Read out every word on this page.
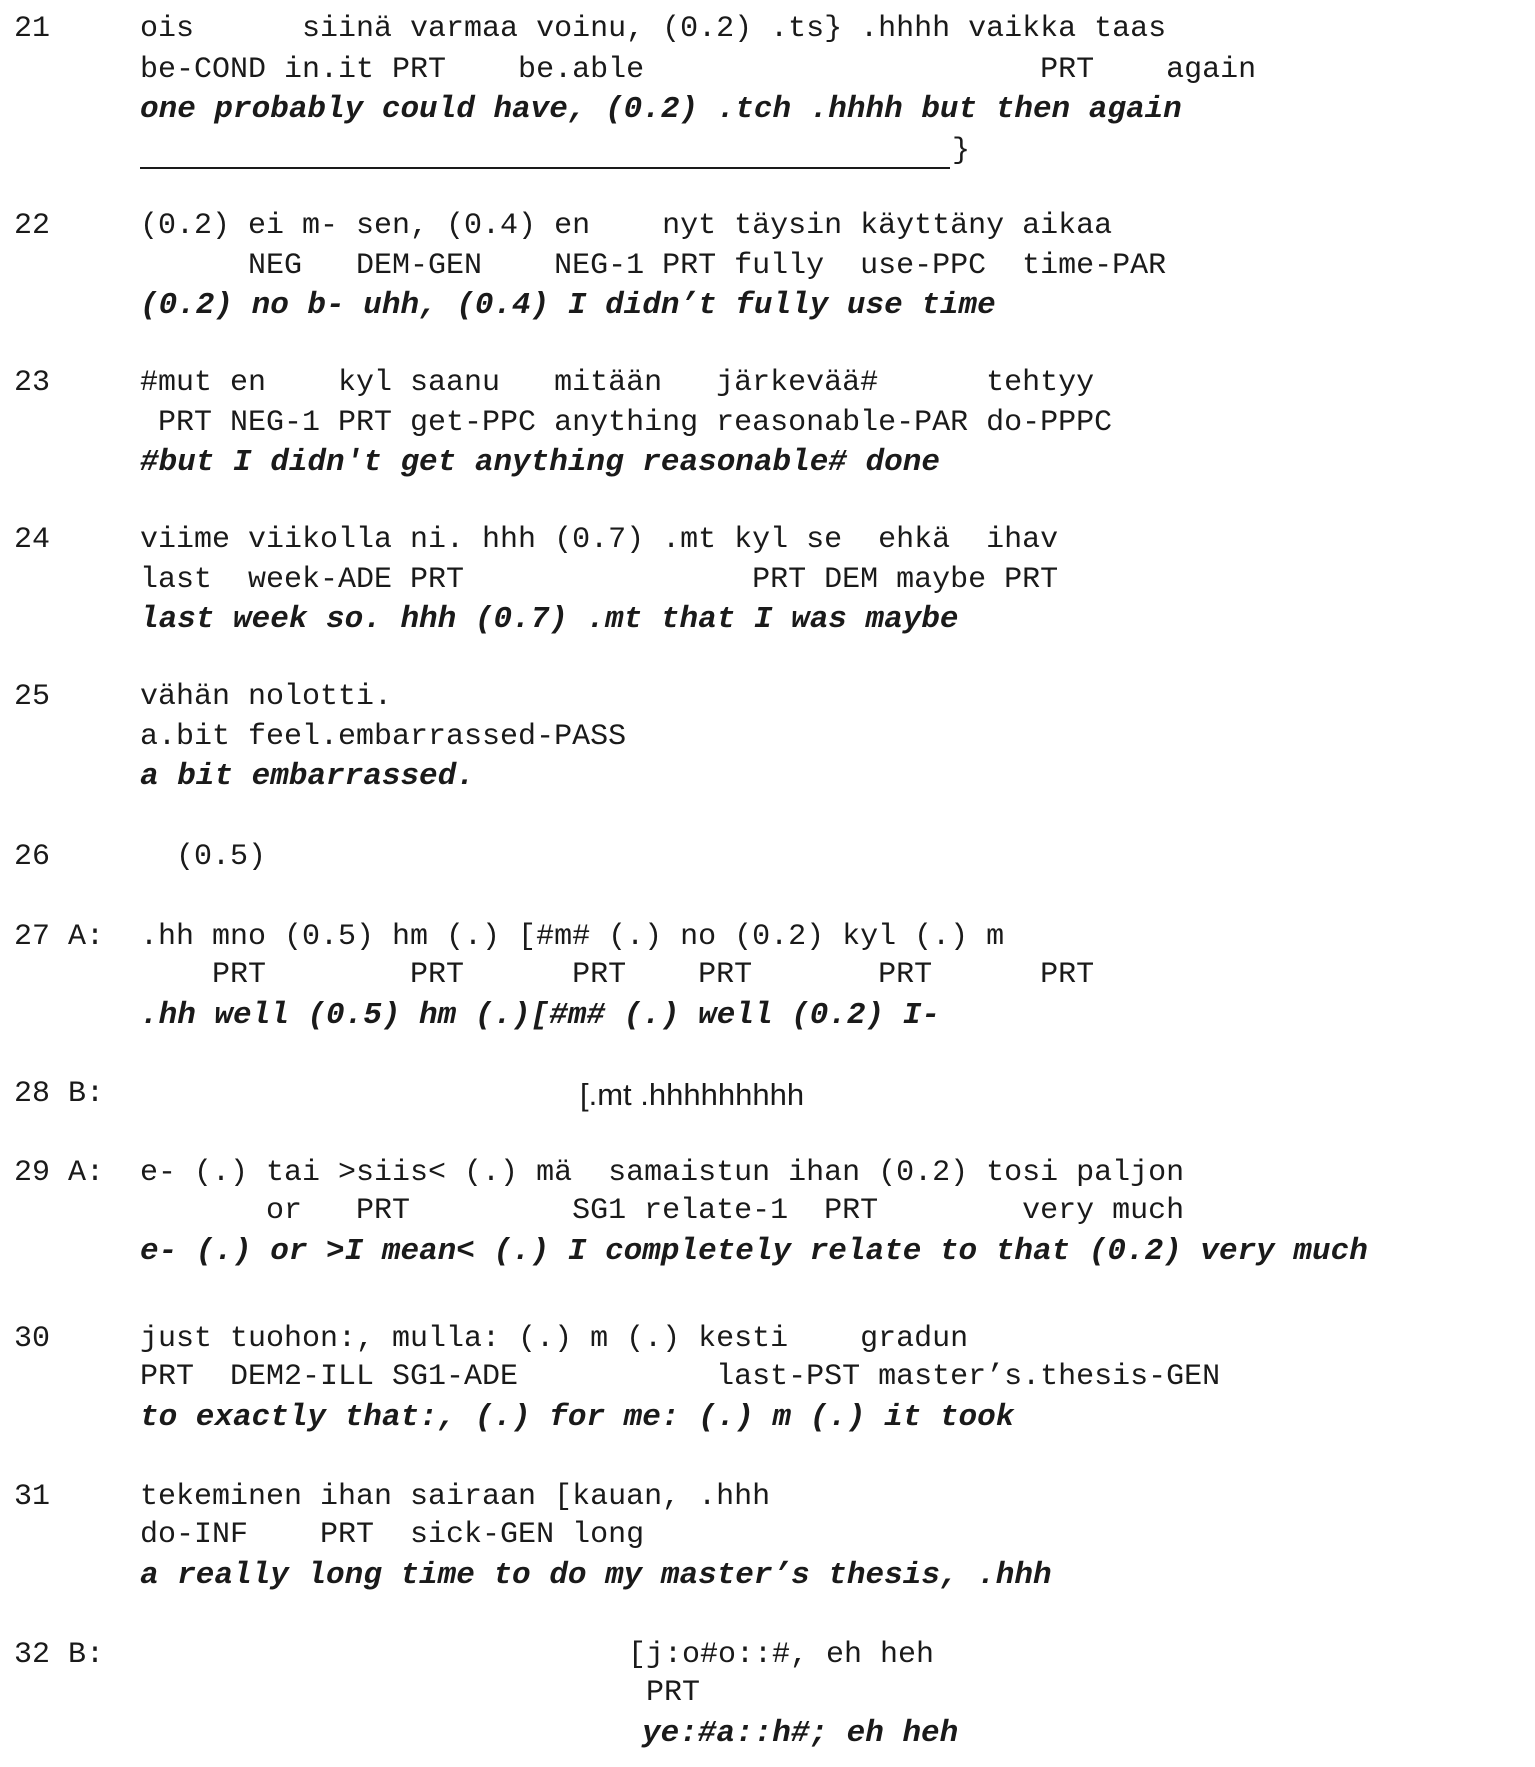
21	ois      siinä varmaa voinu, (0.2) .ts} .hhhh vaikka taas
be-COND in.it PRT    be.able                      PRT    again
one probably could have, (0.2) .tch .hhhh but then again
}
22	(0.2) ei m- sen, (0.4) en    nyt täysin käyttäny aikaa
NEG   DEM-GEN    NEG-1 PRT fully  use-PPC  time-PAR
(0.2) no b- uhh, (0.4) I didn’t fully use time
23	#mut en    kyl saanu   mitään   järkevää#      tehtyy
PRT NEG-1 PRT get-PPC anything reasonable-PAR do-PPPC
#but I didn't get anything reasonable# done
24	viime viikolla ni. hhh (0.7) .mt kyl se  ehkä  ihav
last  week-ADE PRT                PRT DEM maybe PRT
last week so. hhh (0.7) .mt that I was maybe
25	vähän nolotti.
a.bit feel.embarrassed-PASS
a bit embarrassed.
26	(0.5)
27 A: .hh mno (0.5) hm (.) [#m# (.) no (0.2) kyl (.) m
PRT        PRT      PRT    PRT       PRT      PRT
.hh well (0.5) hm (.)[#m# (.) well (0.2) I-
28 B:	[.mt .hhhhhhhhh
29 A: e- (.) tai >siis< (.) mä  samaistun ihan (0.2) tosi paljon
or   PRT         SG1 relate-1  PRT        very much
e- (.) or >I mean< (.) I completely relate to that (0.2) very much
30	just tuohon:, mulla: (.) m (.) kesti    gradun
PRT  DEM2-ILL SG1-ADE           last-PST master’s.thesis-GEN
to exactly that:, (.) for me: (.) m (.) it took
31	tekeminen ihan sairaan [kauan, .hhh
do-INF    PRT  sick-GEN long
a really long time to do my master’s thesis, .hhh
32 B:	[j:o#o::#, eh heh
PRT
ye:#a::h#; eh heh
